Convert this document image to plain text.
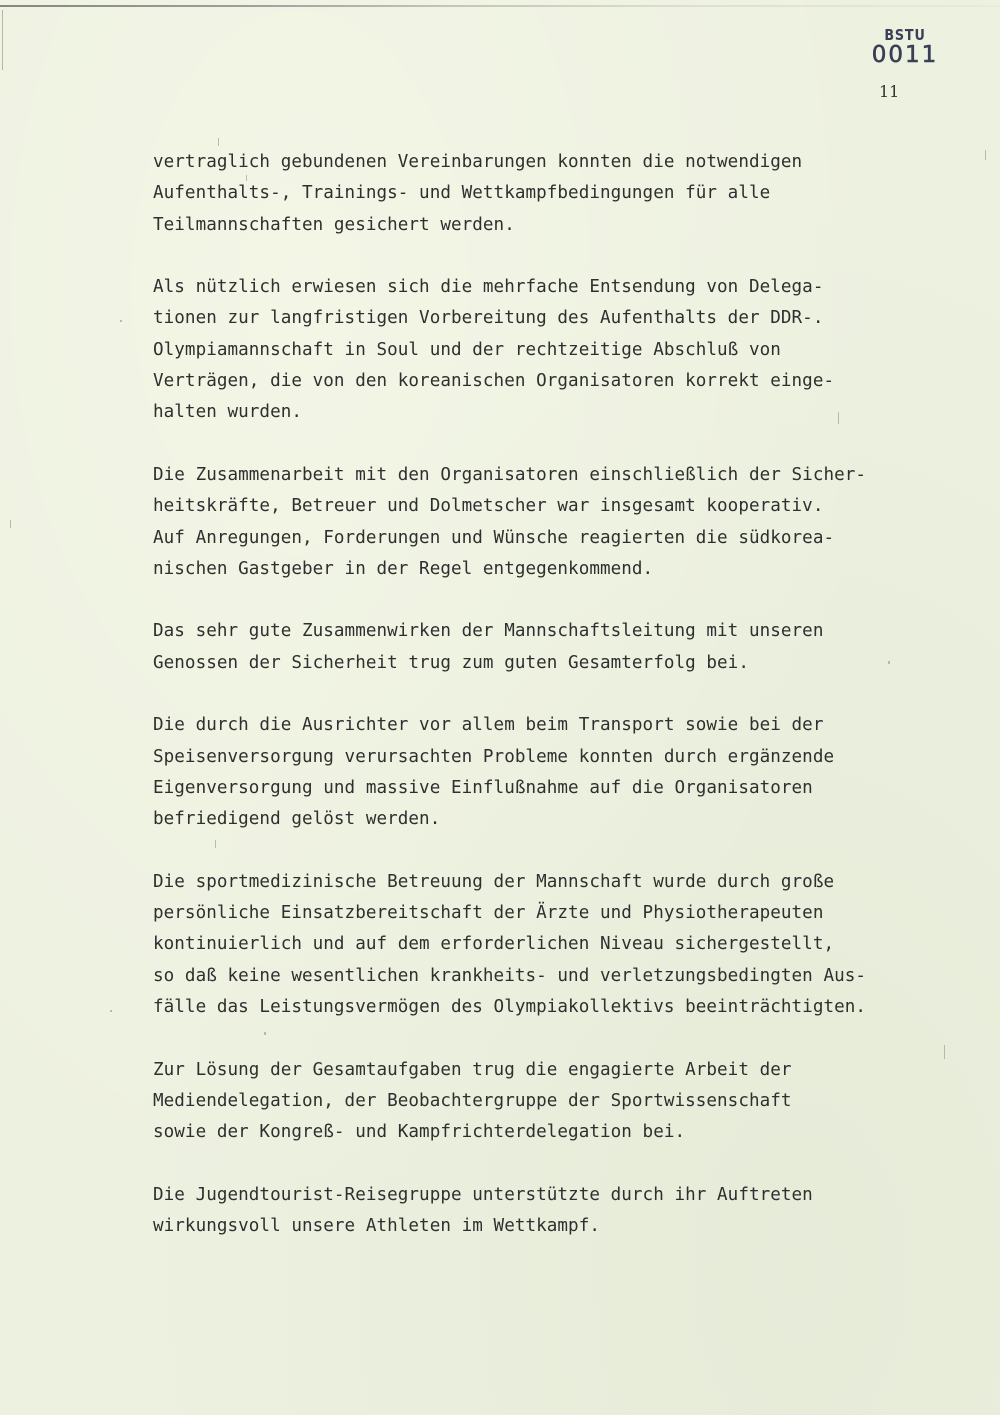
BSTU
0011
11
vertraglich gebundenen Vereinbarungen konnten die notwendigen
Aufenthalts-, Trainings- und Wettkampfbedingungen für alle
Teilmannschaften gesichert werden.
Als nützlich erwiesen sich die mehrfache Entsendung von Delega-
tionen zur langfristigen Vorbereitung des Aufenthalts der DDR-.
Olympiamannschaft in Soul und der rechtzeitige Abschluß von
Verträgen, die von den koreanischen Organisatoren korrekt einge-
halten wurden.
Die Zusammenarbeit mit den Organisatoren einschließlich der Sicher-
heitskräfte, Betreuer und Dolmetscher war insgesamt kooperativ.
Auf Anregungen, Forderungen und Wünsche reagierten die südkorea-
nischen Gastgeber in der Regel entgegenkommend.
Das sehr gute Zusammenwirken der Mannschaftsleitung mit unseren
Genossen der Sicherheit trug zum guten Gesamterfolg bei.
Die durch die Ausrichter vor allem beim Transport sowie bei der
Speisenversorgung verursachten Probleme konnten durch ergänzende
Eigenversorgung und massive Einflußnahme auf die Organisatoren
befriedigend gelöst werden.
Die sportmedizinische Betreuung der Mannschaft wurde durch große
persönliche Einsatzbereitschaft der Ärzte und Physiotherapeuten
kontinuierlich und auf dem erforderlichen Niveau sichergestellt,
so daß keine wesentlichen krankheits- und verletzungsbedingten Aus-
fälle das Leistungsvermögen des Olympiakollektivs beeinträchtigten.
Zur Lösung der Gesamtaufgaben trug die engagierte Arbeit der
Mediendelegation, der Beobachtergruppe der Sportwissenschaft
sowie der Kongreß- und Kampfrichterdelegation bei.
Die Jugendtourist-Reisegruppe unterstützte durch ihr Auftreten
wirkungsvoll unsere Athleten im Wettkampf.
